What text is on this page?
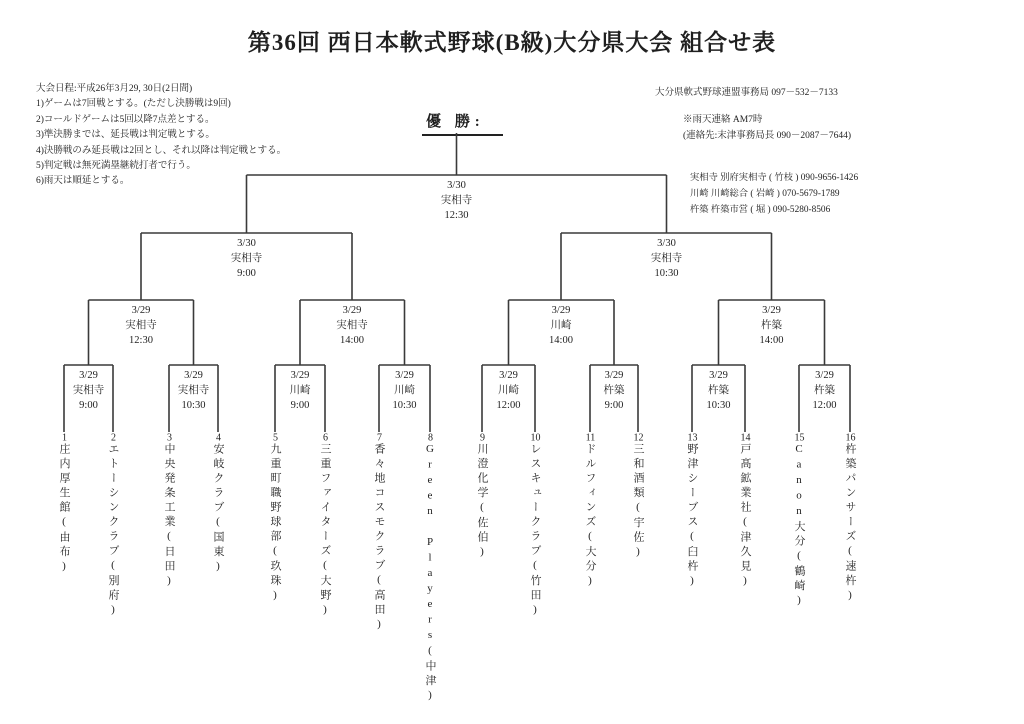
第36回 西日本軟式野球(B級)大分県大会 組合せ表
大会日程:平成26年3月29, 30日(2日間)
1)ゲームは7回戦とする。(ただし決勝戦は9回)
2)コールドゲームは5回以降7点差とする。
3)準決勝までは、延長戦は判定戦とする。
4)決勝戦のみ延長戦は2回とし、それ以降は判定戦とする。
5)判定戦は無死満塁継続打者で行う。
6)雨天は順延とする。
大分県軟式野球連盟事務局 097－532－7133
※雨天連絡 AM7時
(連絡先:末津事務局長 090－2087－7644)
実相寺 別府実相寺 ( 竹枝 ) 090-9656-1426
川崎 川崎総合 ( 岩崎 ) 070-5679-1789
杵築 杵築市営 ( 堀 ) 090-5280-8506
優 勝:
3/30
実相寺
12:30
3/30
実相寺
9:00
3/30
実相寺
10:30
3/29
実相寺
12:30
3/29
実相寺
14:00
3/29
川崎
14:00
3/29
杵築
14:00
3/29
実相寺
9:00
3/29
実相寺
10:30
3/29
川崎
9:00
3/29
川崎
10:30
3/29
川崎
12:00
3/29
杵築
9:00
3/29
杵築
10:30
3/29
杵築
12:00
1庄内厚生館(由布)
2エトーシンクラブ(別府)
3中央発条工業(日田)
4安岐クラブ(国東)
5九重町職野球部(玖珠)
6三重ファイターズ(大野)
7香々地コスモクラブ(高田)
8Green Players(中津)
9川澄化学(佐伯)
10レスキュークラブ(竹田)
11ドルフィンズ(大分)
12三和酒類(宇佐)
13野津シーブス(臼杵)
14戸髙鉱業社(津久見)
15Canon大分(鶴崎)
16杵築パンサーズ(速杵)
